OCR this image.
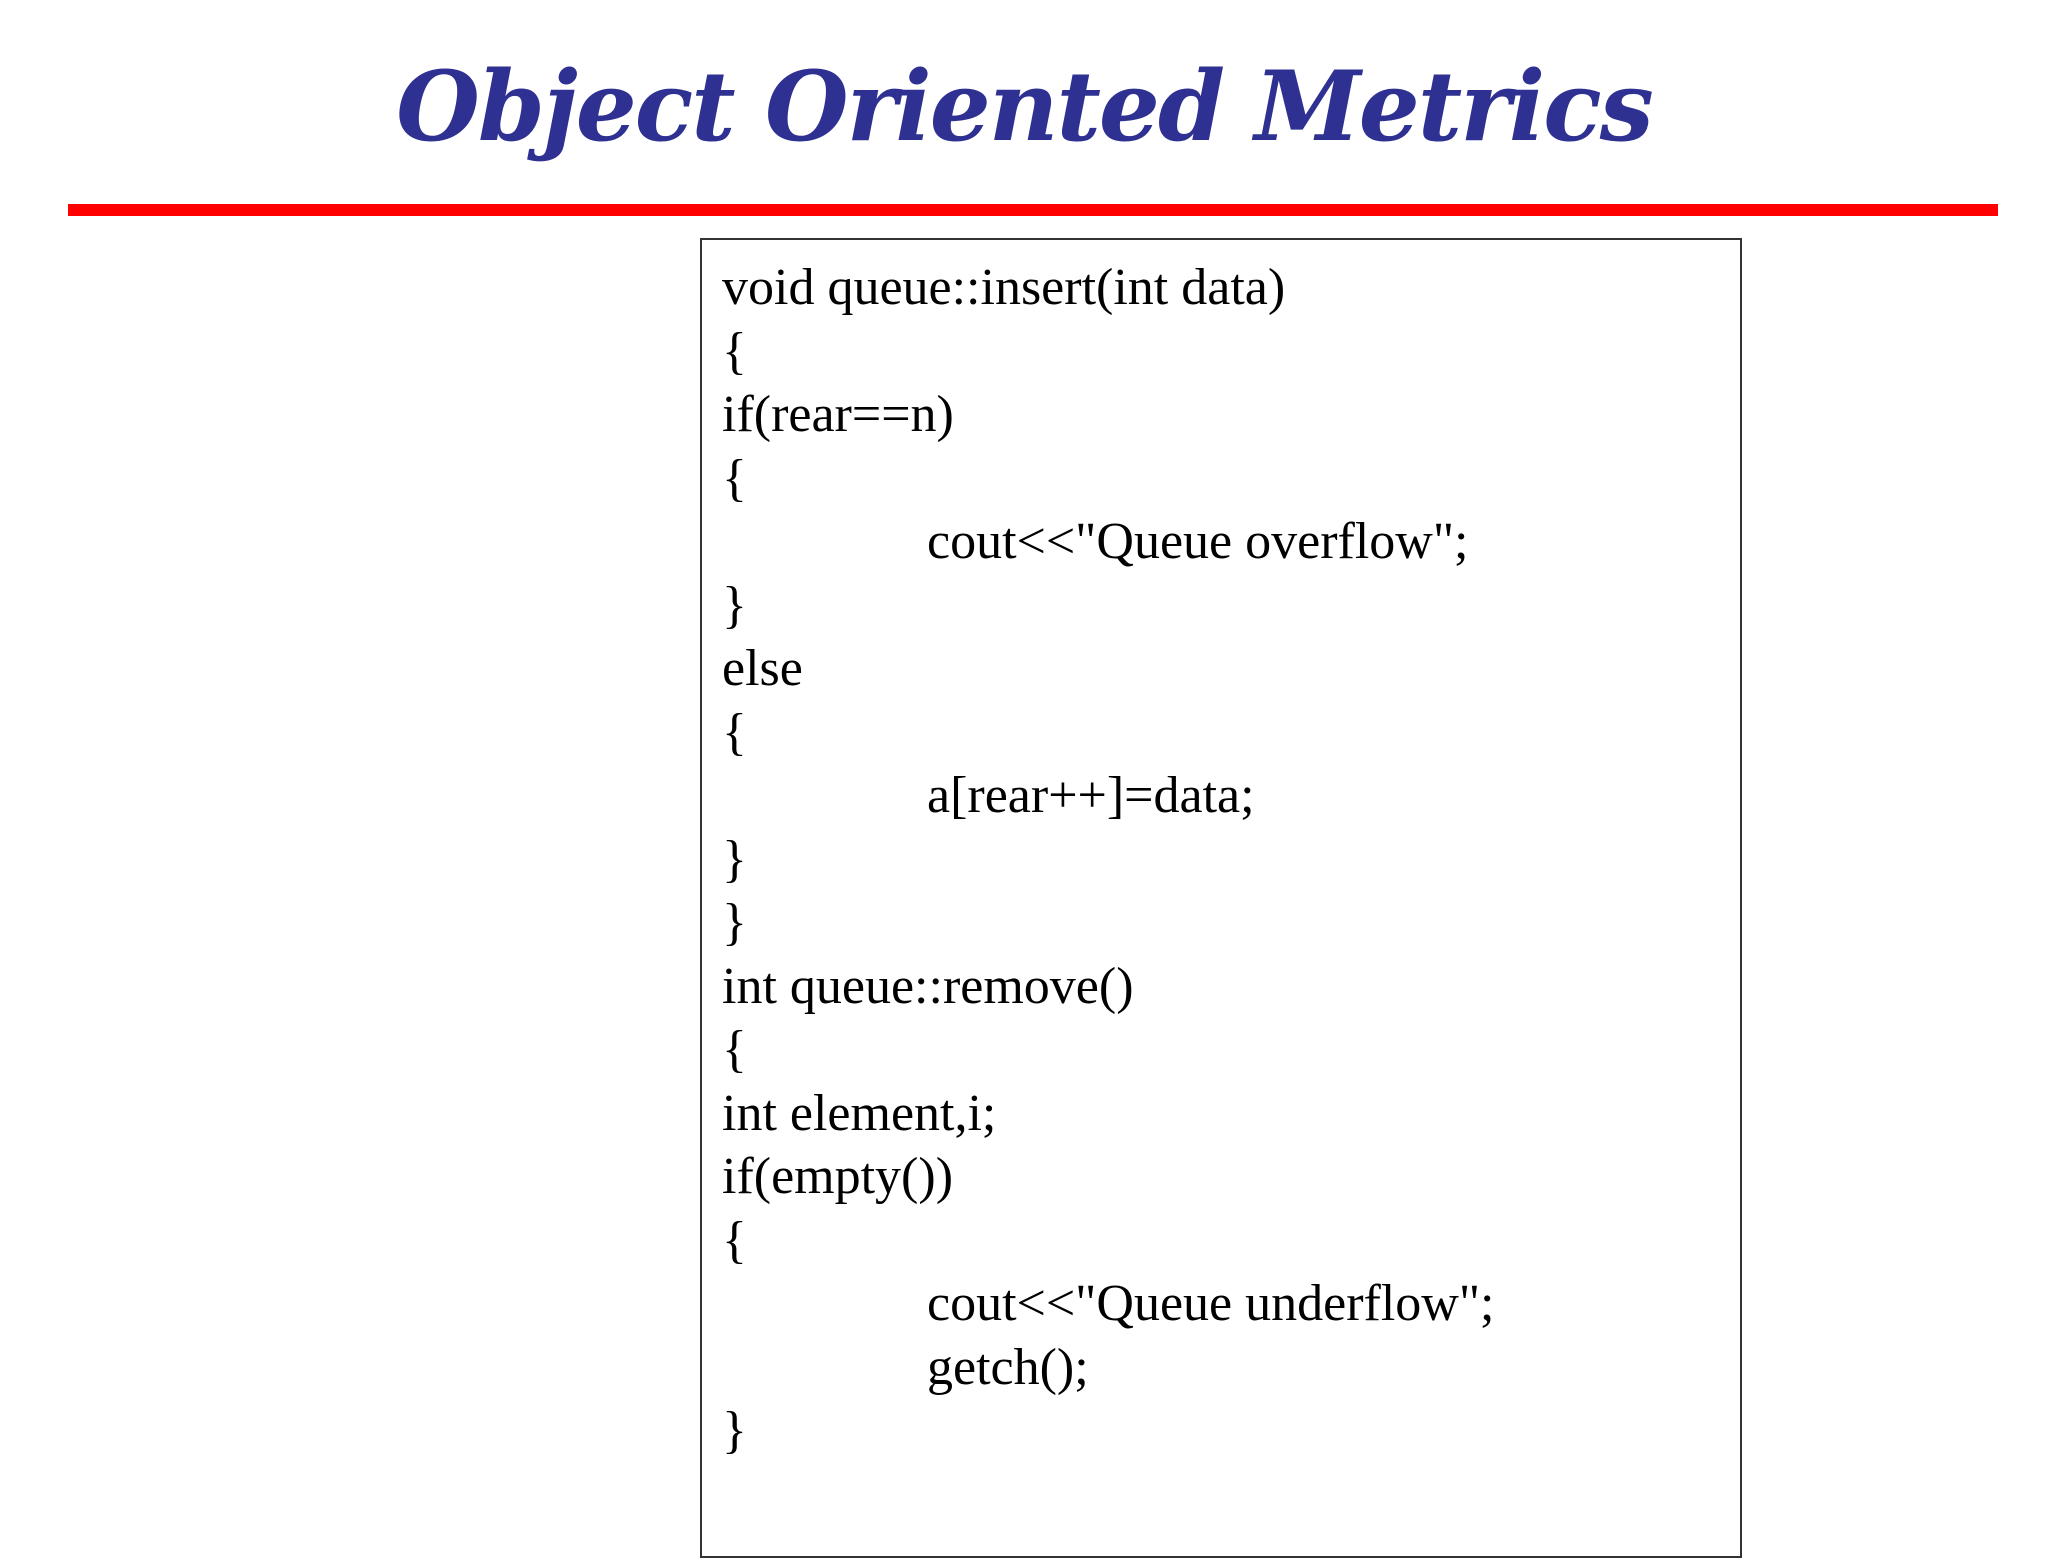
Object Oriented Metrics
void queue::insert(int data)
{
if(rear==n)
{
cout<<"Queue overflow";
}
else
{
a[rear++]=data;
}
}
int queue::remove()
{
int element,i;
if(empty())
{
cout<<"Queue underflow";
getch();
}
